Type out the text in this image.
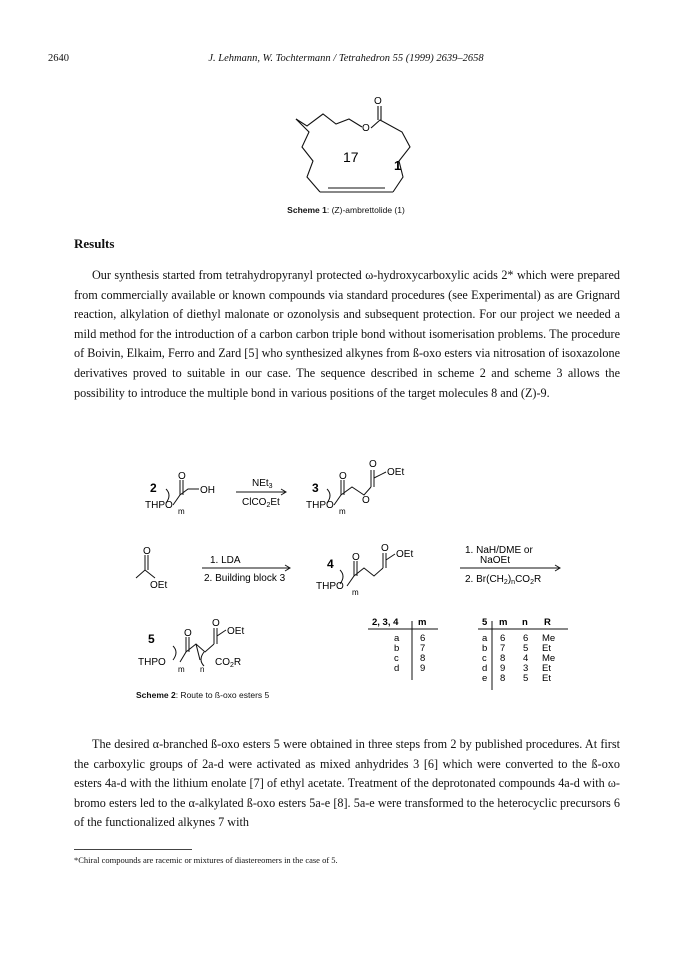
2640	J. Lehmann, W. Tochtermann / Tetrahedron 55 (1999) 2639–2658
O
O
17
1
Scheme 1: (Z)-ambrettolide (1)
Results

Our synthesis started from tetrahydropyranyl protected ω-hydroxycarboxylic acids 2* which were prepared from commercially available or known compounds via standard procedures (see Experimental) as are Grignard reaction, alkylation of diethyl malonate or ozonolysis and subsequent protection. For our project we needed a mild method for the introduction of a carbon carbon triple bond without isomerisation problems. The procedure of Boivin, Elkaim, Ferro and Zard [5] who synthesized alkynes from ß-oxo esters via nitrosation of isoxazolone derivatives proved to suitable in our case. The sequence described in scheme 2 and scheme 3 allows the possibility to introduce the multiple bond in various positions of the target molecules 8 and (Z)-9.

2
O
OH
THPO
m
NEt$_3$
ClCO$_2$Et
3
O
O
O
OEt
THPO
m
O
OEt
1. LDA
2. Building block 3
4 O
O
OEt
THPO
m
1. NaH/DME or
NaOEt
2. $Br(CH_2)_nCO_2R$
5	O
O
OEt
THPO	$CO_2R$
m n
2, 3, 4 m
a 6
b 7
c 8
d 9
5 m n R
a 6 6 Me
b 7 5 Et
c 8 4 Me
d 9 3 Et
e 8 5 Et
Scheme 2: Route to ß-oxo esters 5

The desired α-branched ß-oxo esters 5 were obtained in three steps from 2 by published procedures. At first the carboxylic groups of 2a-d were activated as mixed anhydrides 3 [6] which were converted to the ß-oxo esters 4a-d with the lithium enolate [7] of ethyl acetate. Treatment of the deprotonated compounds 4a-d with ω-bromo esters led to the α-alkylated ß-oxo esters 5a-e [8]. 5a-e were transformed to the heterocyclic precursors 6 of the functionalized alkynes 7 with

*Chiral compounds are racemic or mixtures of diastereomers in the case of 5.
